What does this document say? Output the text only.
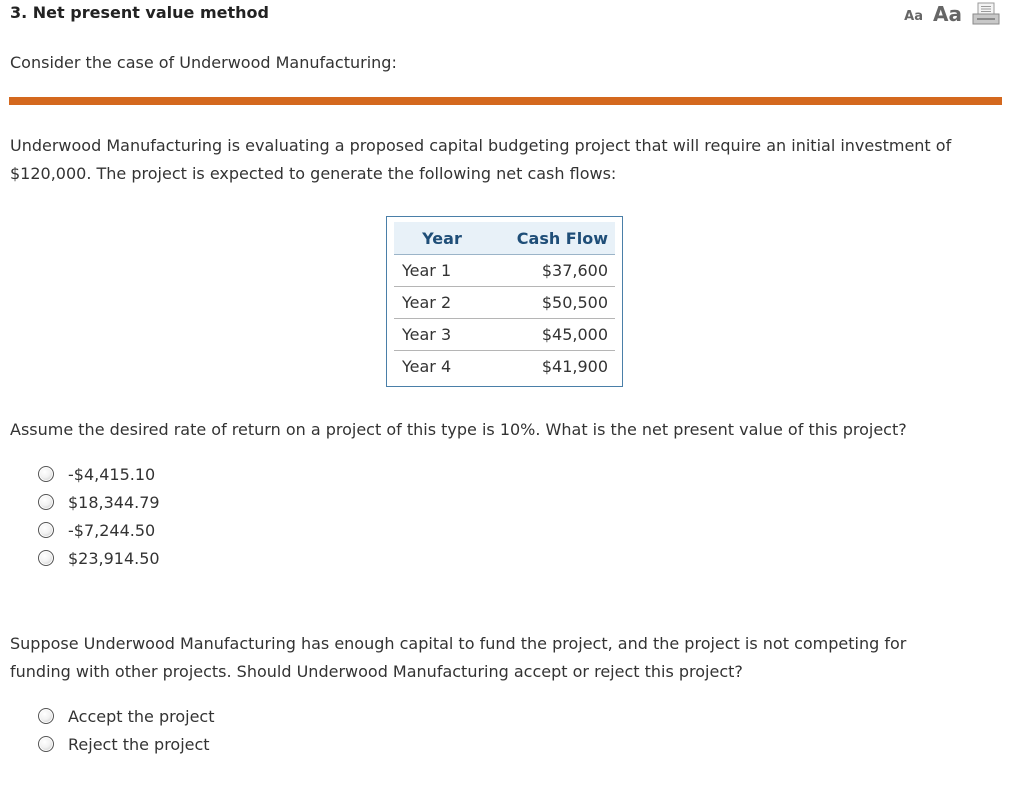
3. Net present value method	Aa Aa
Consider the case of Underwood Manufacturing:
Underwood Manufacturing is evaluating a proposed capital budgeting project that will require an initial investment of
$120,000. The project is expected to generate the following net cash flows:
Year	Cash Flow
Year 1	$37,600
Year 2	$50,500
Year 3	$45,000
Year 4	$41,900
Assume the desired rate of return on a project of this type is 10%. What is the net present value of this project?
-$4,415.10
$18,344.79
-$7,244.50
$23,914.50
Suppose Underwood Manufacturing has enough capital to fund the project, and the project is not competing for
funding with other projects. Should Underwood Manufacturing accept or reject this project?
Accept the project
Reject the project
